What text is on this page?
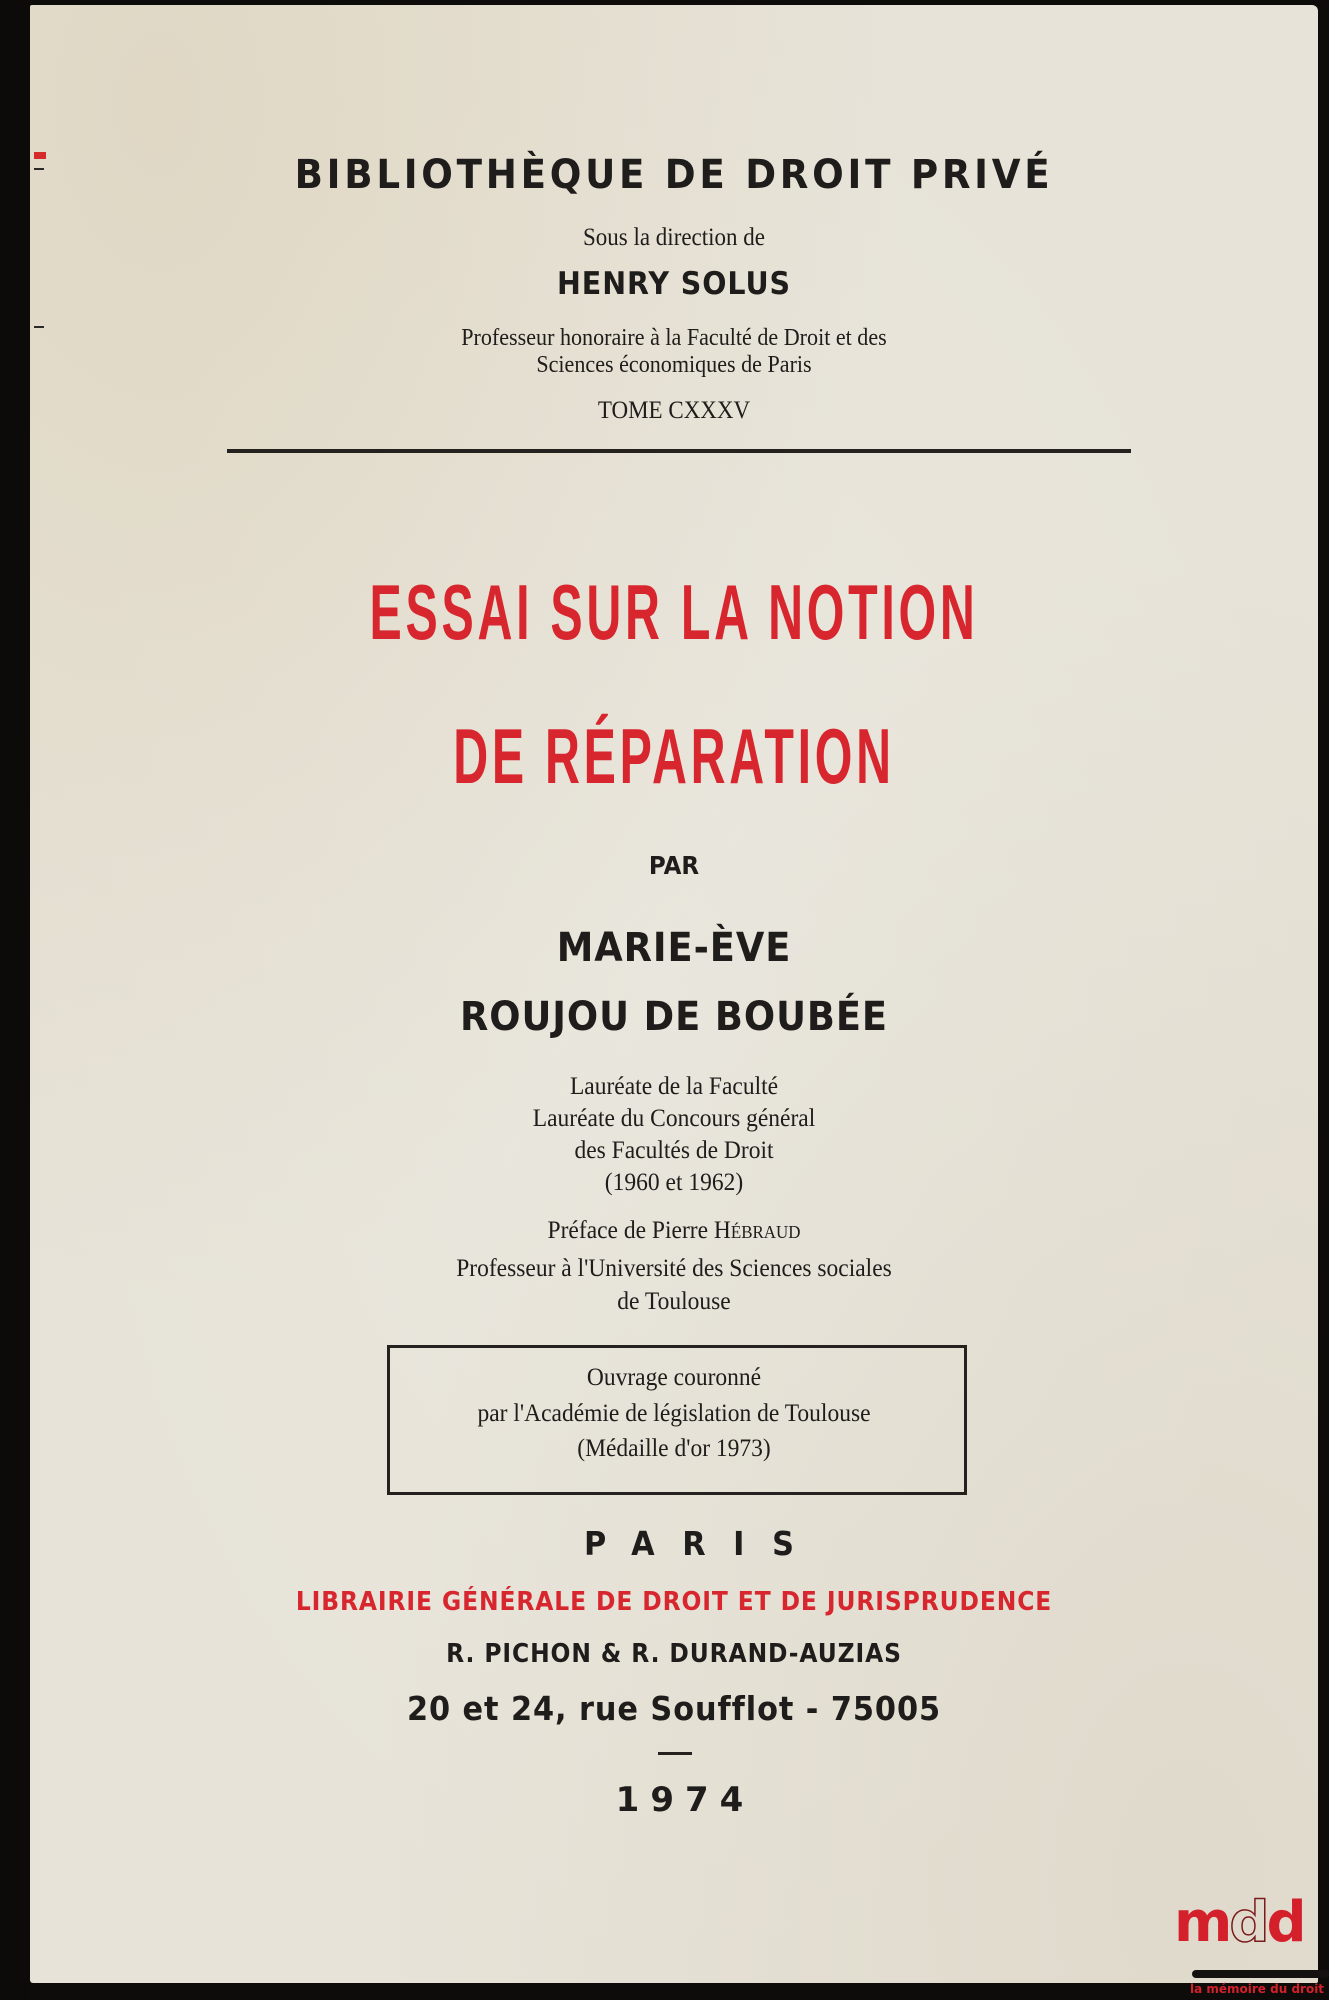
BIBLIOTHÈQUE DE DROIT PRIVÉ
Sous la direction de
HENRY SOLUS
Professeur honoraire à la Faculté de Droit et des
Sciences économiques de Paris
TOME CXXXV
ESSAI SUR LA NOTION
DE RÉPARATION
PAR
MARIE-ÈVE
ROUJOU DE BOUBÉE
Lauréate de la Faculté
Lauréate du Concours général
des Facultés de Droit
(1960 et 1962)
Préface de Pierre Hébraud
Professeur à l'Université des Sciences sociales
de Toulouse
Ouvrage couronné
par l'Académie de législation de Toulouse
(Médaille d'or 1973)
PARIS
LIBRAIRIE GÉNÉRALE DE DROIT ET DE JURISPRUDENCE
R. PICHON & R. DURAND-AUZIAS
20 et 24, rue Soufflot - 75005
1974
mdd
la mémoire du droit
